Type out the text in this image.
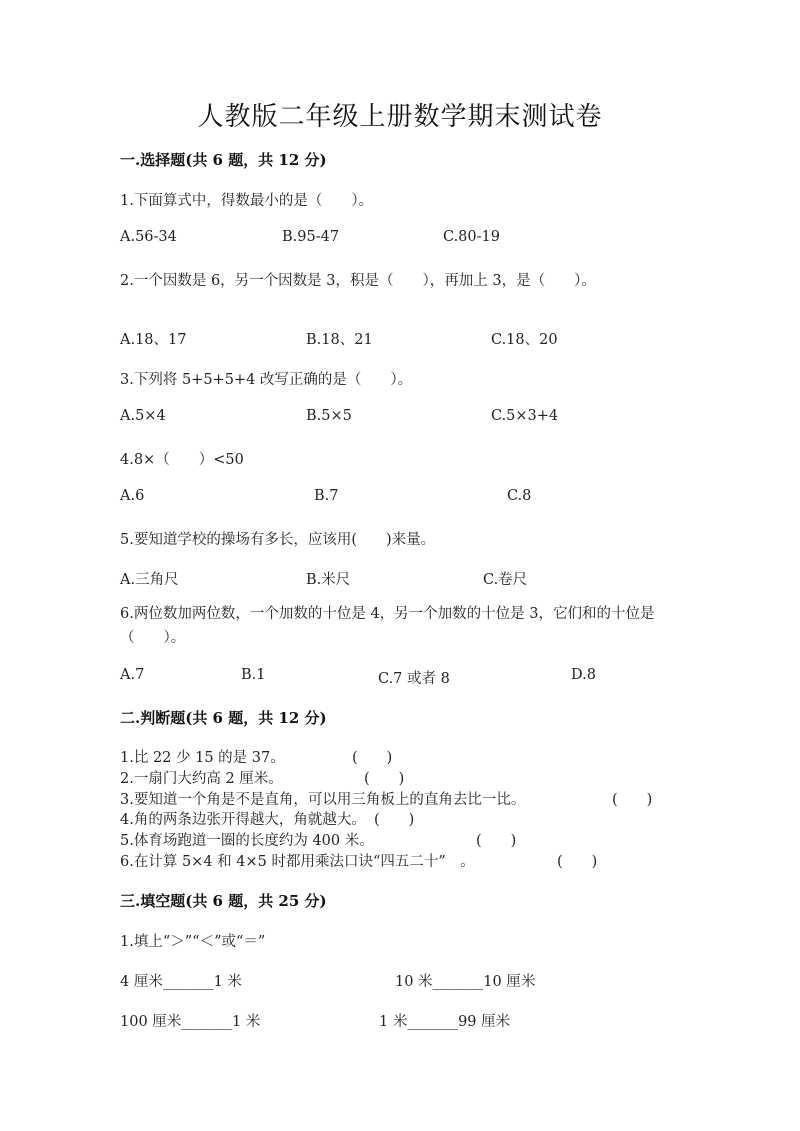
人教版二年级上册数学期末测试卷
一.选择题(共 6 题，共 12 分)
1.下面算式中，得数最小的是（　　）。
A.56-34	B.95-47	C.80-19
2.一个因数是 6，另一个因数是 3，积是（　　），再加上 3，是（　　）。
A.18、17	B.18、21	C.18、20
3.下列将 5+5+5+4 改写正确的是（　　）。
A.5×4	B.5×5	C.5×3+4
4.8×（　　）<50
A.6	B.7	C.8
5.要知道学校的操场有多长，应该用(　　)来量。
A.三角尺	B.米尺	C.卷尺
6.两位数加两位数，一个加数的十位是 4，另一个加数的十位是 3，它们和的十位是（　　）。
A.7	B.1	C.7 或者 8	D.8
二.判断题(共 6 题，共 12 分)
1.比 22 少 15 的是 37。	(　　)
2.一扇门大约高 2 厘米。	(　　)
3.要知道一个角是不是直角，可以用三角板上的直角去比一比。	(　　)
4.角的两条边张开得越大，角就越大。 (　　)
5.体育场跑道一圈的长度约为 400 米。	(　　)
6.在计算 5×4 和 4×5 时都用乘法口诀“四五二十”　。	(　　)
三.填空题(共 6 题，共 25 分)
1.填上“＞”“＜”或“＝”
4 厘米_______1 米	10 米_______10 厘米
100 厘米_______1 米	1 米_______99 厘米
